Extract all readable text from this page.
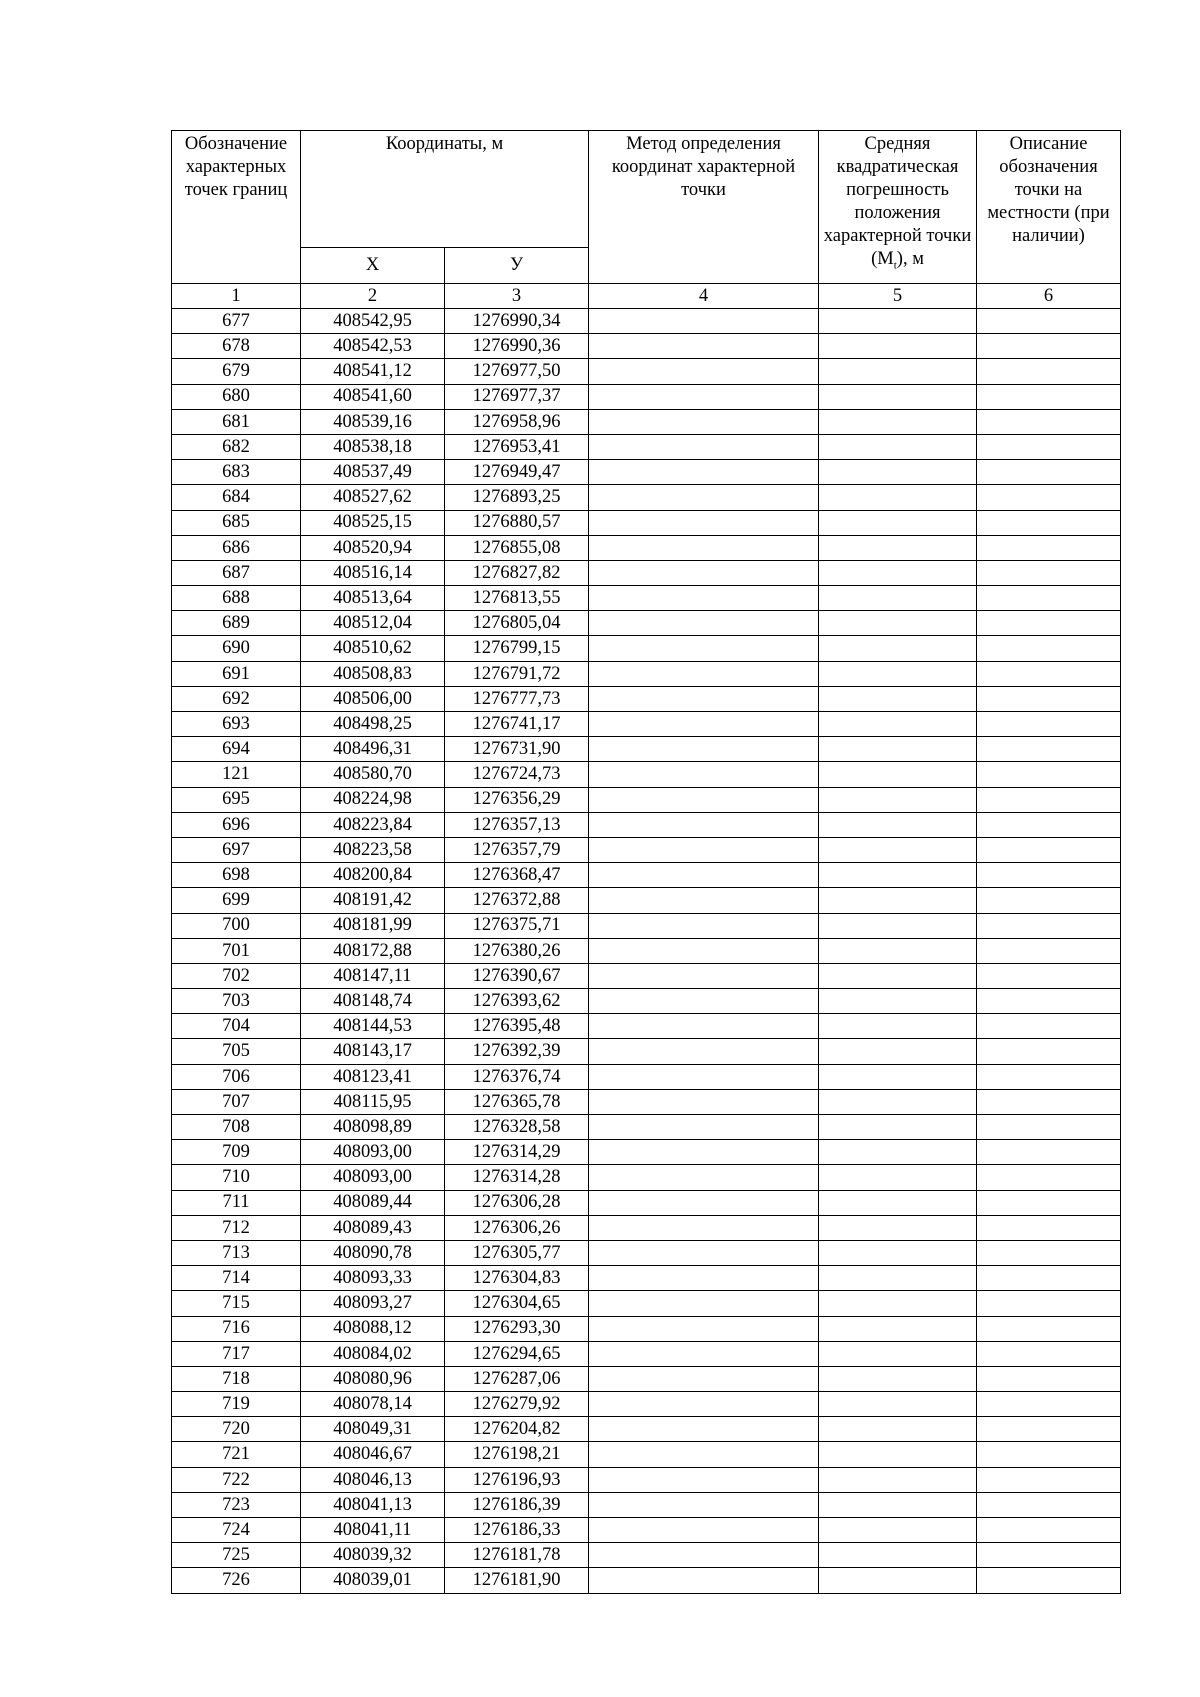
Обозначение характерных точек границ	Координаты, м		Метод определения координат характерной точки	Средняя квадратическая погрешность положения характерной точки $(M_t)$, м	Описание обозначения точки на местности (при наличии)

	X	У			
1	2	3	4	5	6
677	408542,95	1276990,34			
678	408542,53	1276990,36			
679	408541,12	1276977,50			
680	408541,60	1276977,37			
681	408539,16	1276958,96			
682	408538,18	1276953,41			
683	408537,49	1276949,47			
684	408527,62	1276893,25			
685	408525,15	1276880,57			
686	408520,94	1276855,08			
687	408516,14	1276827,82			
688	408513,64	1276813,55			
689	408512,04	1276805,04			
690	408510,62	1276799,15			
691	408508,83	1276791,72			
692	408506,00	1276777,73			
693	408498,25	1276741,17			
694	408496,31	1276731,90			
121	408580,70	1276724,73			
695	408224,98	1276356,29			
696	408223,84	1276357,13			
697	408223,58	1276357,79			
698	408200,84	1276368,47			
699	408191,42	1276372,88			
700	408181,99	1276375,71			
701	408172,88	1276380,26			
702	408147,11	1276390,67			
703	408148,74	1276393,62			
704	408144,53	1276395,48			
705	408143,17	1276392,39			
706	408123,41	1276376,74			
707	408115,95	1276365,78			
708	408098,89	1276328,58			
709	408093,00	1276314,29			
710	408093,00	1276314,28			
711	408089,44	1276306,28			
712	408089,43	1276306,26			
713	408090,78	1276305,77			
714	408093,33	1276304,83			
715	408093,27	1276304,65			
716	408088,12	1276293,30			
717	408084,02	1276294,65			
718	408080,96	1276287,06			
719	408078,14	1276279,92			
720	408049,31	1276204,82			
721	408046,67	1276198,21			
722	408046,13	1276196,93			
723	408041,13	1276186,39			
724	408041,11	1276186,33			
725	408039,32	1276181,78			
726	408039,01	1276181,90			
